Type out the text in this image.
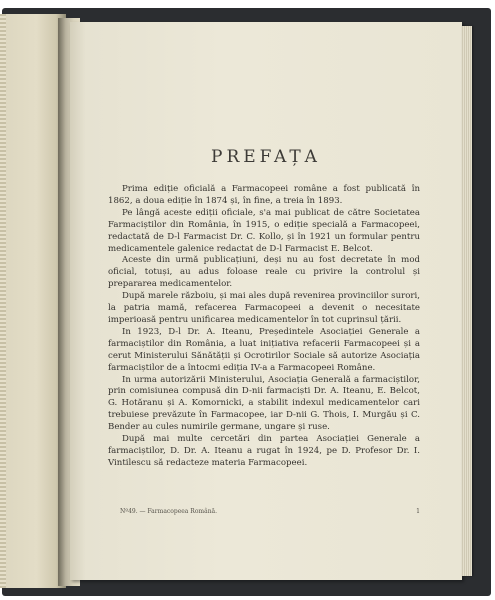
PREFAȚA

Prima ediție oficială a Farmacopeei române a fost publicată în 1862, a doua ediție în 1874 și, în fine, a treia în 1893.

Pe lângă aceste ediții oficiale, s'a mai publicat de către Societatea Farmaciștilor din România, în 1915, o ediție specială a Farmacopeei, redactată de D-l Farmacist Dr. C. Kollo, și în 1921 un formular pentru medicamentele galenice redactat de D-l Farmacist E. Belcot.

Aceste din urmă publicațiuni, deși nu au fost decretate în mod oficial, totuși, au adus foloase reale cu privire la controlul și prepararea medicamentelor.

După marele războiu, și mai ales după revenirea provinciilor surori, la patria mamă, refacerea Farmacopeei a devenit o necesitate imperioasă pentru unificarea medicamentelor în tot cuprinsul țării.

In 1923, D-l Dr. A. Iteanu, Președintele Asociației Generale a farmaciștilor din România, a luat inițiativa refacerii Farmacopeei și a cerut Ministerului Sănătății și Ocrotirilor Sociale să autorize Asociația farmaciștilor de a întocmi ediția IV-a a Farmacopeei Române.

In urma autorizării Ministerului, Asociația Generală a farmaciștilor, prin comisiunea compusă din D-nii farmaciști Dr. A. Iteanu, E. Belcot, G. Hotăranu și A. Komornicki, a stabilit indexul medicamentelor cari trebuiese prevăzute în Farmacopee, iar D-nii G. Thois, I. Murgău și C. Bender au cules numirile germane, ungare și ruse.

După mai multe cercetări din partea Asociației Generale a farmaciștilor, D. Dr. A. Iteanu a rugat în 1924, pe D. Profesor Dr. I. Vintilescu să redacteze materia Farmacopeei.

Nº49. — Farmacopeea Română.	1
